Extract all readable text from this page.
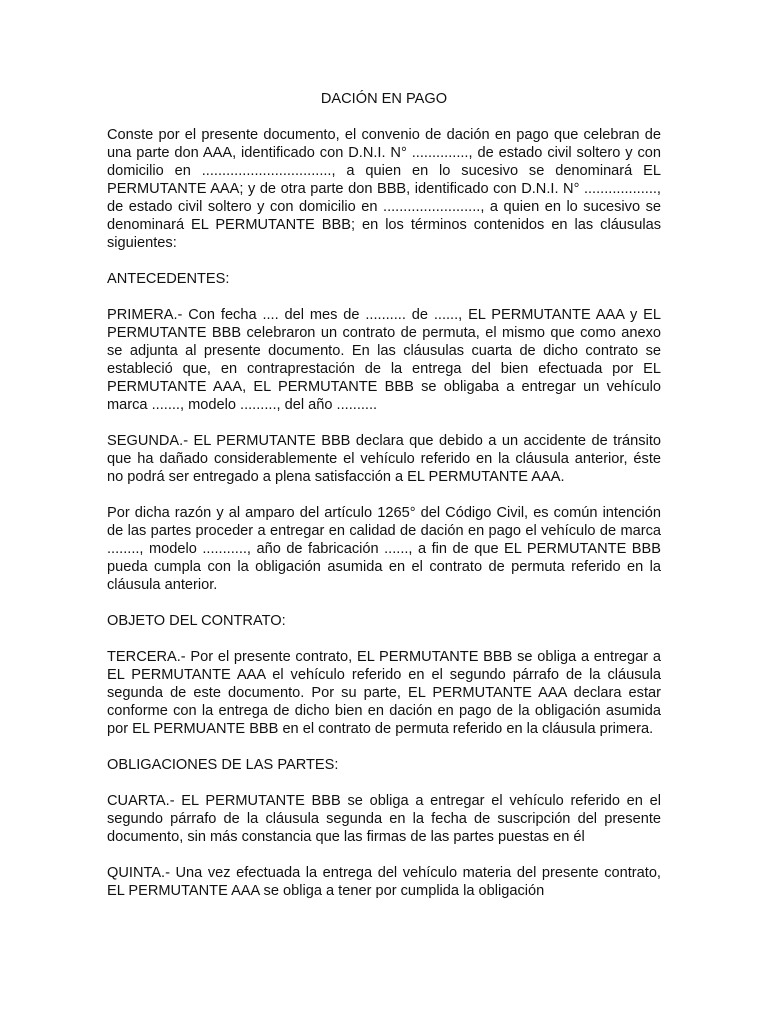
DACIÓN EN PAGO

Conste por el presente documento, el convenio de dación en pago que celebran de una parte don AAA, identificado con D.N.I. N° .............., de estado civil soltero y con domicilio en ................................, a quien en lo sucesivo se denominará EL PERMUTANTE AAA; y de otra parte don BBB, identificado con D.N.I. N° .................., de estado civil soltero y con domicilio en ........................, a quien en lo sucesivo se denominará EL PERMUTANTE BBB; en los términos contenidos en las cláusulas siguientes:

ANTECEDENTES:

PRIMERA.- Con fecha .... del mes de .......... de ......, EL PERMUTANTE AAA y EL PERMUTANTE BBB celebraron un contrato de permuta, el mismo que como anexo se adjunta al presente documento. En las cláusulas cuarta de dicho contrato se estableció que, en contraprestación de la entrega del bien efectuada por EL PERMUTANTE AAA, EL PERMUTANTE BBB se obligaba a entregar un vehículo marca ......., modelo ........., del año ..........

SEGUNDA.- EL PERMUTANTE BBB declara que debido a un accidente de tránsito que ha dañado considerablemente el vehículo referido en la cláusula anterior, éste no podrá ser entregado a plena satisfacción a EL PERMUTANTE AAA.

Por dicha razón y al amparo del artículo 1265° del Código Civil, es común intención de las partes proceder a entregar en calidad de dación en pago el vehículo de marca ........, modelo ..........., año de fabricación ......, a fin de que EL PERMUTANTE BBB pueda cumpla con la obligación asumida en el contrato de permuta referido en la cláusula anterior.

OBJETO DEL CONTRATO:

TERCERA.- Por el presente contrato, EL PERMUTANTE BBB se obliga a entregar a EL PERMUTANTE AAA el vehículo referido en el segundo párrafo de la cláusula segunda de este documento. Por su parte, EL PERMUTANTE AAA declara estar conforme con la entrega de dicho bien en dación en pago de la obligación asumida por EL PERMUANTE BBB en el contrato de permuta referido en la cláusula primera.

OBLIGACIONES DE LAS PARTES:

CUARTA.- EL PERMUTANTE BBB se obliga a entregar el vehículo referido en el segundo párrafo de la cláusula segunda en la fecha de suscripción del presente documento, sin más constancia que las firmas de las partes puestas en él

QUINTA.- Una vez efectuada la entrega del vehículo materia del presente contrato, EL PERMUTANTE AAA se obliga a tener por cumplida la obligación
